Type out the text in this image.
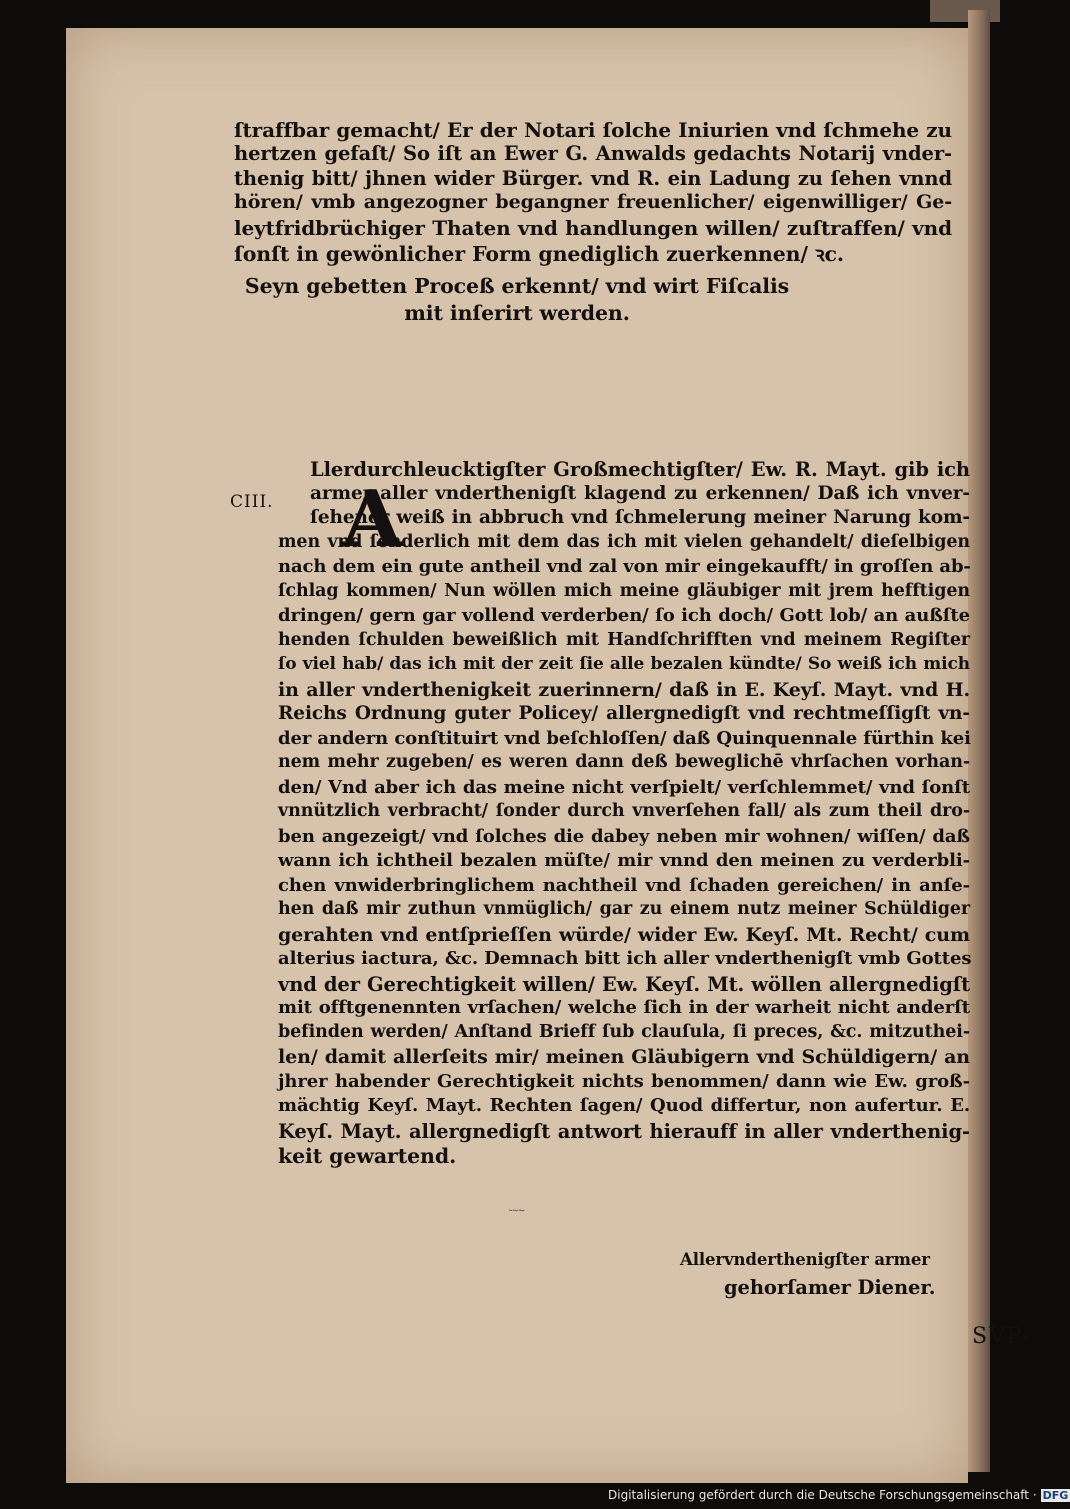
ſtraffbar gemacht/ Er der Notari ſolche Iniurien vnd ſchmehe zu
hertzen gefaſt/ So iſt an Ewer G. Anwalds gedachts Notarij vnder-
thenig bitt/ jhnen wider Bürger. vnd R. ein Ladung zu ſehen vnnd
hören/ vmb angezogner begangner freuenlicher/ eigenwilliger/ Ge-
leytfridbrüchiger Thaten vnd handlungen willen/ zuſtraffen/ vnd
ſonſt in gewönlicher Form gnediglich zuerkennen/ ꝛc.
Seyn gebetten Proceß erkennt/ vnd wirt Fiſcalis
mit inſerirt werden.
CIII. A
Llerdurchleucktigſter Großmechtigſter/ Ew. R. Mayt. gib ich
armer aller vnderthenigſt klagend zu erkennen/ Daß ich vnver-
ſehener weiß in abbruch vnd ſchmelerung meiner Narung kom-
men vnd ſonderlich mit dem das ich mit vielen gehandelt/ dieſelbigen
nach dem ein gute antheil vnd zal von mir eingekaufft/ in groſſen ab-
ſchlag kommen/ Nun wöllen mich meine gläubiger mit jrem hefftigen
dringen/ gern gar vollend verderben/ ſo ich doch/ Gott lob/ an außſte
henden ſchulden beweißlich mit Handſchrifften vnd meinem Regiſter
ſo viel hab/ das ich mit der zeit ſie alle bezalen kündte/ So weiß ich mich
in aller vnderthenigkeit zuerinnern/ daß in E. Keyſ. Mayt. vnd H.
Reichs Ordnung guter Policey/ allergnedigſt vnd rechtmeſſigſt vn-
der andern conſtituirt vnd beſchloſſen/ daß Quinquennale fürthin kei
nem mehr zugeben/ es weren dann deß beweglichē vhrſachen vorhan-
den/ Vnd aber ich das meine nicht verſpielt/ verſchlemmet/ vnd ſonſt
vnnützlich verbracht/ ſonder durch vnverſehen fall/ als zum theil dro-
ben angezeigt/ vnd ſolches die dabey neben mir wohnen/ wiſſen/ daß
wann ich ichtheil bezalen müſte/ mir vnnd den meinen zu verderbli-
chen vnwiderbringlichem nachtheil vnd ſchaden gereichen/ in anſe-
hen daß mir zuthun vnmüglich/ gar zu einem nutz meiner Schüldiger
gerahten vnd entſprieſſen würde/ wider Ew. Keyſ. Mt. Recht/ cum
alterius iactura, &c. Demnach bitt ich aller vnderthenigſt vmb Gottes
vnd der Gerechtigkeit willen/ Ew. Keyſ. Mt. wöllen allergnedigſt
mit offtgenennten vrſachen/ welche ſich in der warheit nicht anderſt
befinden werden/ Anſtand Brieff ſub clauſula, ſi preces, &c. mitzuthei-
len/ damit allerſeits mir/ meinen Gläubigern vnd Schüldigern/ an
jhrer habender Gerechtigkeit nichts benommen/ dann wie Ew. groß-
mächtig Keyſ. Mayt. Rechten ſagen/ Quod differtur, non aufertur. E.
Keyſ. Mayt. allergnedigſt antwort hierauff in aller vnderthenig-
keit gewartend.
Ew. Keyſ. Mayt.
Allervnderthenigſter armer
gehorſamer Diener.
SVP-
Digitalisierung gefördert durch die Deutsche Forschungsgemeinschaft · DFG
